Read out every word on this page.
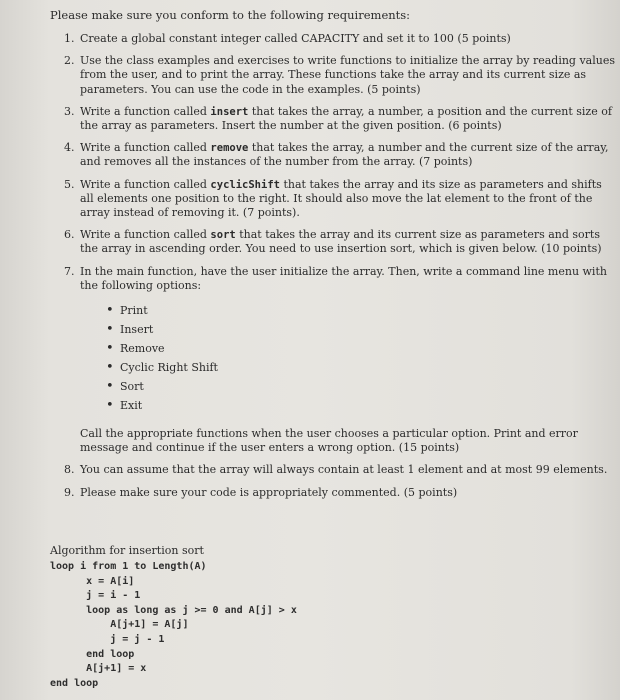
Please make sure you conform to the following requirements:
1. Create a global constant integer called CAPACITY and set it to 100 (5 points)
2. Use the class examples and exercises to write functions to initialize the array by reading values from the user, and to print the array. These functions take the array and its current size as parameters. You can use the code in the examples. (5 points)
3. Write a function called insert that takes the array, a number, a position and the current size of the array as parameters. Insert the number at the given position. (6 points)
4. Write a function called remove that takes the array, a number and the current size of the array, and removes all the instances of the number from the array. (7 points)
5. Write a function called cyclicShift that takes the array and its size as parameters and shifts all elements one position to the right. It should also move the lat element to the front of the array instead of removing it. (7 points).
6. Write a function called sort that takes the array and its current size as parameters and sorts the array in ascending order. You need to use insertion sort, which is given below. (10 points)
7. In the main function, have the user initialize the array. Then, write a command line menu with the following options:
• Print
• Insert
• Remove
• Cyclic Right Shift
• Sort
• Exit
Call the appropriate functions when the user chooses a particular option. Print and error message and continue if the user enters a wrong option. (15 points)
8. You can assume that the array will always contain at least 1 element and at most 99 elements.
9. Please make sure your code is appropriately commented. (5 points)
Algorithm for insertion sort
loop i from 1 to Length(A)
x = A[i]
j = i - 1
loop as long as j >= 0 and A[j] > x
A[j+1] = A[j]
j = j - 1
end loop
A[j+1] = x
end loop
